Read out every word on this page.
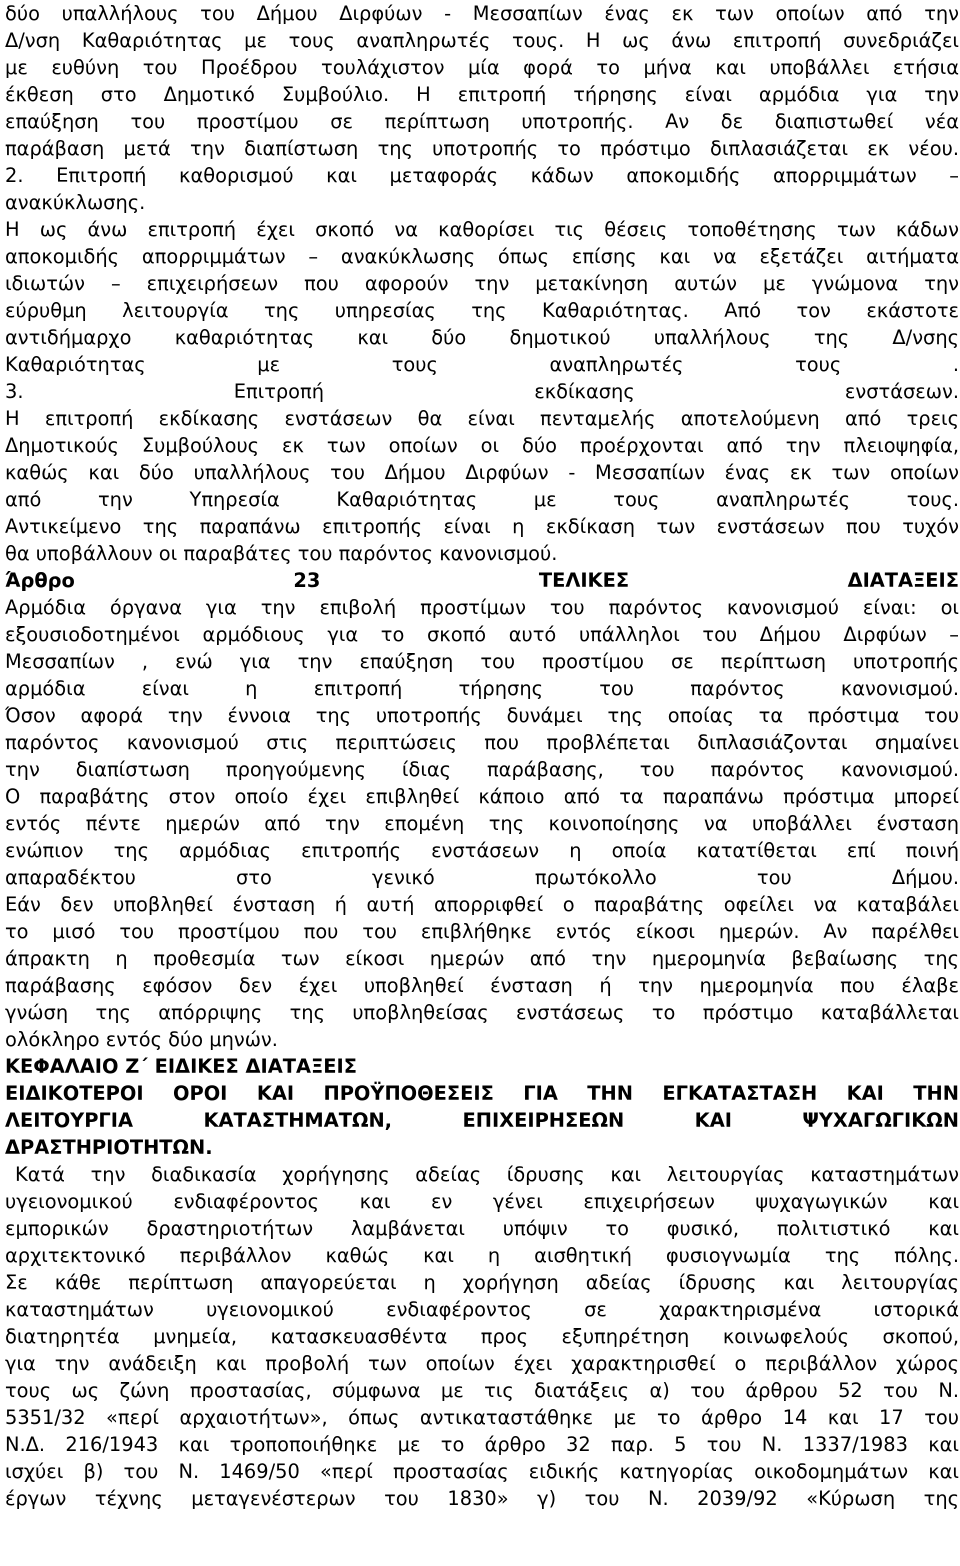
δύο υπαλλήλους του Δήμου Διρφύων - Μεσσαπίων ένας εκ των οποίων από την
Δ/νση Καθαριότητας με τους αναπληρωτές τους. Η ως άνω επιτροπή συνεδριάζει
με ευθύνη του Προέδρου τουλάχιστον μία φορά το μήνα και υποβάλλει ετήσια
έκθεση στο Δημοτικό Συμβούλιο. Η επιτροπή τήρησης είναι αρμόδια για την
επαύξηση του προστίμου σε περίπτωση υποτροπής. Αν δε διαπιστωθεί νέα
παράβαση μετά την διαπίστωση της υποτροπής το πρόστιμο διπλασιάζεται εκ νέου.
2. Επιτροπή καθορισμού και μεταφοράς κάδων αποκομιδής απορριμμάτων –
ανακύκλωσης.
Η ως άνω επιτροπή έχει σκοπό να καθορίσει τις θέσεις τοποθέτησης των κάδων
αποκομιδής απορριμμάτων – ανακύκλωσης όπως επίσης και να εξετάζει αιτήματα
ιδιωτών – επιχειρήσεων που αφορούν την μετακίνηση αυτών με γνώμονα την
εύρυθμη λειτουργία της υπηρεσίας της Καθαριότητας. Από τον εκάστοτε
αντιδήμαρχο καθαριότητας και δύο δημοτικού υπαλλήλους της Δ/νσης
Καθαριότητας με τους αναπληρωτές τους .
3. Επιτροπή εκδίκασης ενστάσεων.
Η επιτροπή εκδίκασης ενστάσεων θα είναι πενταμελής αποτελούμενη από τρεις
Δημοτικούς Συμβούλους εκ των οποίων οι δύο προέρχονται από την πλειοψηφία,
καθώς και δύο υπαλλήλους του Δήμου Διρφύων - Μεσσαπίων ένας εκ των οποίων
από την Υπηρεσία Καθαριότητας με τους αναπληρωτές τους.
Αντικείμενο της παραπάνω επιτροπής είναι η εκδίκαση των ενστάσεων που τυχόν
θα υποβάλλουν οι παραβάτες του παρόντος κανονισμού.
Άρθρο 23 ΤΕΛΙΚΕΣ ΔΙΑΤΑΞΕΙΣ
Αρμόδια όργανα για την επιβολή προστίμων του παρόντος κανονισμού είναι: οι
εξουσιοδοτημένοι αρμόδιους για το σκοπό αυτό υπάλληλοι του Δήμου Διρφύων –
Μεσσαπίων , ενώ για την επαύξηση του προστίμου σε περίπτωση υποτροπής
αρμόδια είναι η επιτροπή τήρησης του παρόντος κανονισμού.
Όσον αφορά την έννοια της υποτροπής δυνάμει της οποίας τα πρόστιμα του
παρόντος κανονισμού στις περιπτώσεις που προβλέπεται διπλασιάζονται σημαίνει
την διαπίστωση προηγούμενης ίδιας παράβασης, του παρόντος κανονισμού.
Ο παραβάτης στον οποίο έχει επιβληθεί κάποιο από τα παραπάνω πρόστιμα μπορεί
εντός πέντε ημερών από την επομένη της κοινοποίησης να υποβάλλει ένσταση
ενώπιον της αρμόδιας επιτροπής ενστάσεων η οποία κατατίθεται επί ποινή
απαραδέκτου στο γενικό πρωτόκολλο του Δήμου.
Εάν δεν υποβληθεί ένσταση ή αυτή απορριφθεί ο παραβάτης οφείλει να καταβάλει
το μισό του προστίμου που του επιβλήθηκε εντός είκοσι ημερών. Αν παρέλθει
άπρακτη η προθεσμία των είκοσι ημερών από την ημερομηνία βεβαίωσης της
παράβασης εφόσον δεν έχει υποβληθεί ένσταση ή την ημερομηνία που έλαβε
γνώση της απόρριψης της υποβληθείσας ενστάσεως το πρόστιμο καταβάλλεται
ολόκληρο εντός δύο μηνών.
ΚΕΦΑΛΑΙΟ Ζ΄ ΕΙΔΙΚΕΣ ΔΙΑΤΑΞΕΙΣ
ΕΙΔΙΚΟΤΕΡΟΙ ΟΡΟΙ ΚΑΙ ΠΡΟΫΠΟΘΕΣΕΙΣ ΓΙΑ ΤΗΝ ΕΓΚΑΤΑΣΤΑΣΗ ΚΑΙ ΤΗΝ
ΛΕΙΤΟΥΡΓΙΑ ΚΑΤΑΣΤΗΜΑΤΩΝ, ΕΠΙΧΕΙΡΗΣΕΩΝ ΚΑΙ ΨΥΧΑΓΩΓΙΚΩΝ
ΔΡΑΣΤΗΡΙΟΤΗΤΩΝ.
Κατά την διαδικασία χορήγησης αδείας ίδρυσης και λειτουργίας καταστημάτων
υγειονομικού ενδιαφέροντος και εν γένει επιχειρήσεων ψυχαγωγικών και
εμπορικών δραστηριοτήτων λαμβάνεται υπόψιν το φυσικό, πολιτιστικό και
αρχιτεκτονικό περιβάλλον καθώς και η αισθητική φυσιογνωμία της πόλης.
Σε κάθε περίπτωση απαγορεύεται η χορήγηση αδείας ίδρυσης και λειτουργίας
καταστημάτων υγειονομικού ενδιαφέροντος σε χαρακτηρισμένα ιστορικά
διατηρητέα μνημεία, κατασκευασθέντα προς εξυπηρέτηση κοινωφελούς σκοπού,
για την ανάδειξη και προβολή των οποίων έχει χαρακτηρισθεί ο περιβάλλον χώρος
τους ως ζώνη προστασίας, σύμφωνα με τις διατάξεις α) του άρθρου 52 του Ν.
5351/32 «περί αρχαιοτήτων», όπως αντικαταστάθηκε με το άρθρο 14 και 17 του
Ν.Δ. 216/1943 και τροποποιήθηκε με το άρθρο 32 παρ. 5 του Ν. 1337/1983 και
ισχύει β) του Ν. 1469/50 «περί προστασίας ειδικής κατηγορίας οικοδομημάτων και
έργων τέχνης μεταγενέστερων του 1830» γ) του Ν. 2039/92 «Κύρωση της
